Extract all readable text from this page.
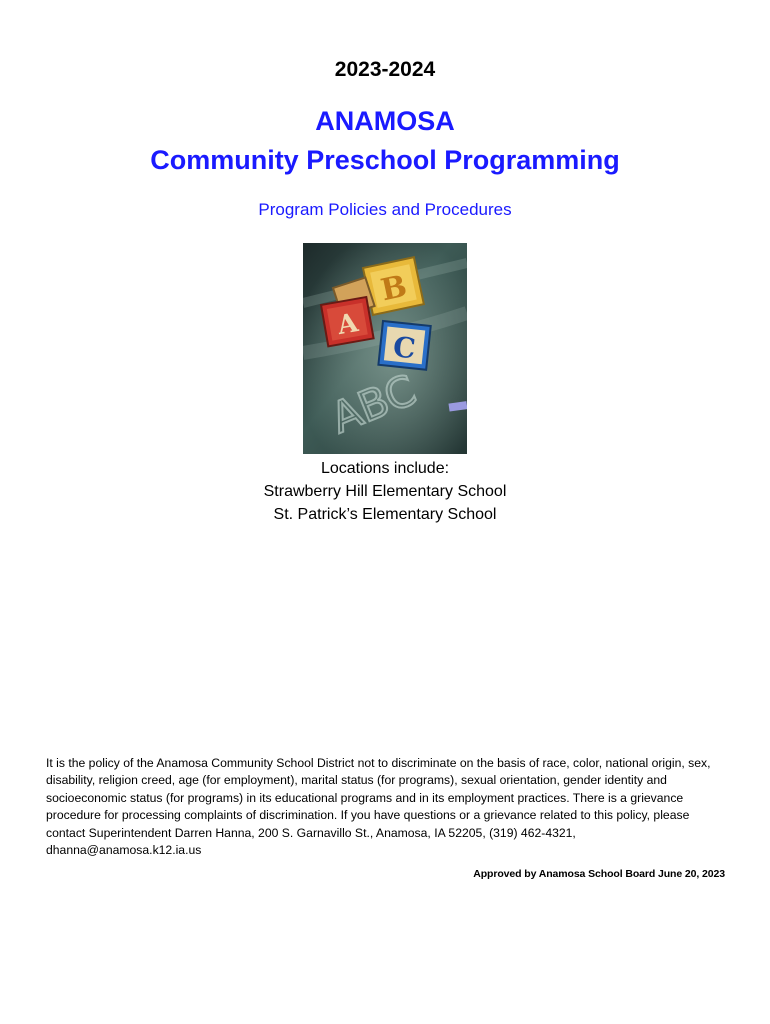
2023-2024
ANAMOSA
Community Preschool Programming
Program Policies and Procedures
B
A
C
ABC
Locations include:
Strawberry Hill Elementary School
St. Patrick’s Elementary School
It is the policy of the Anamosa Community School District not to discriminate on the basis of race, color, national origin, sex, disability, religion creed, age (for employment), marital status (for programs), sexual orientation, gender identity and socioeconomic status (for programs) in its educational programs and in its employment practices. There is a grievance procedure for processing complaints of discrimination. If you have questions or a grievance related to this policy, please contact Superintendent Darren Hanna, 200 S. Garnavillo St., Anamosa, IA 52205, (319) 462-4321, dhanna@anamosa.k12.ia.us
Approved by Anamosa School Board June 20, 2023
